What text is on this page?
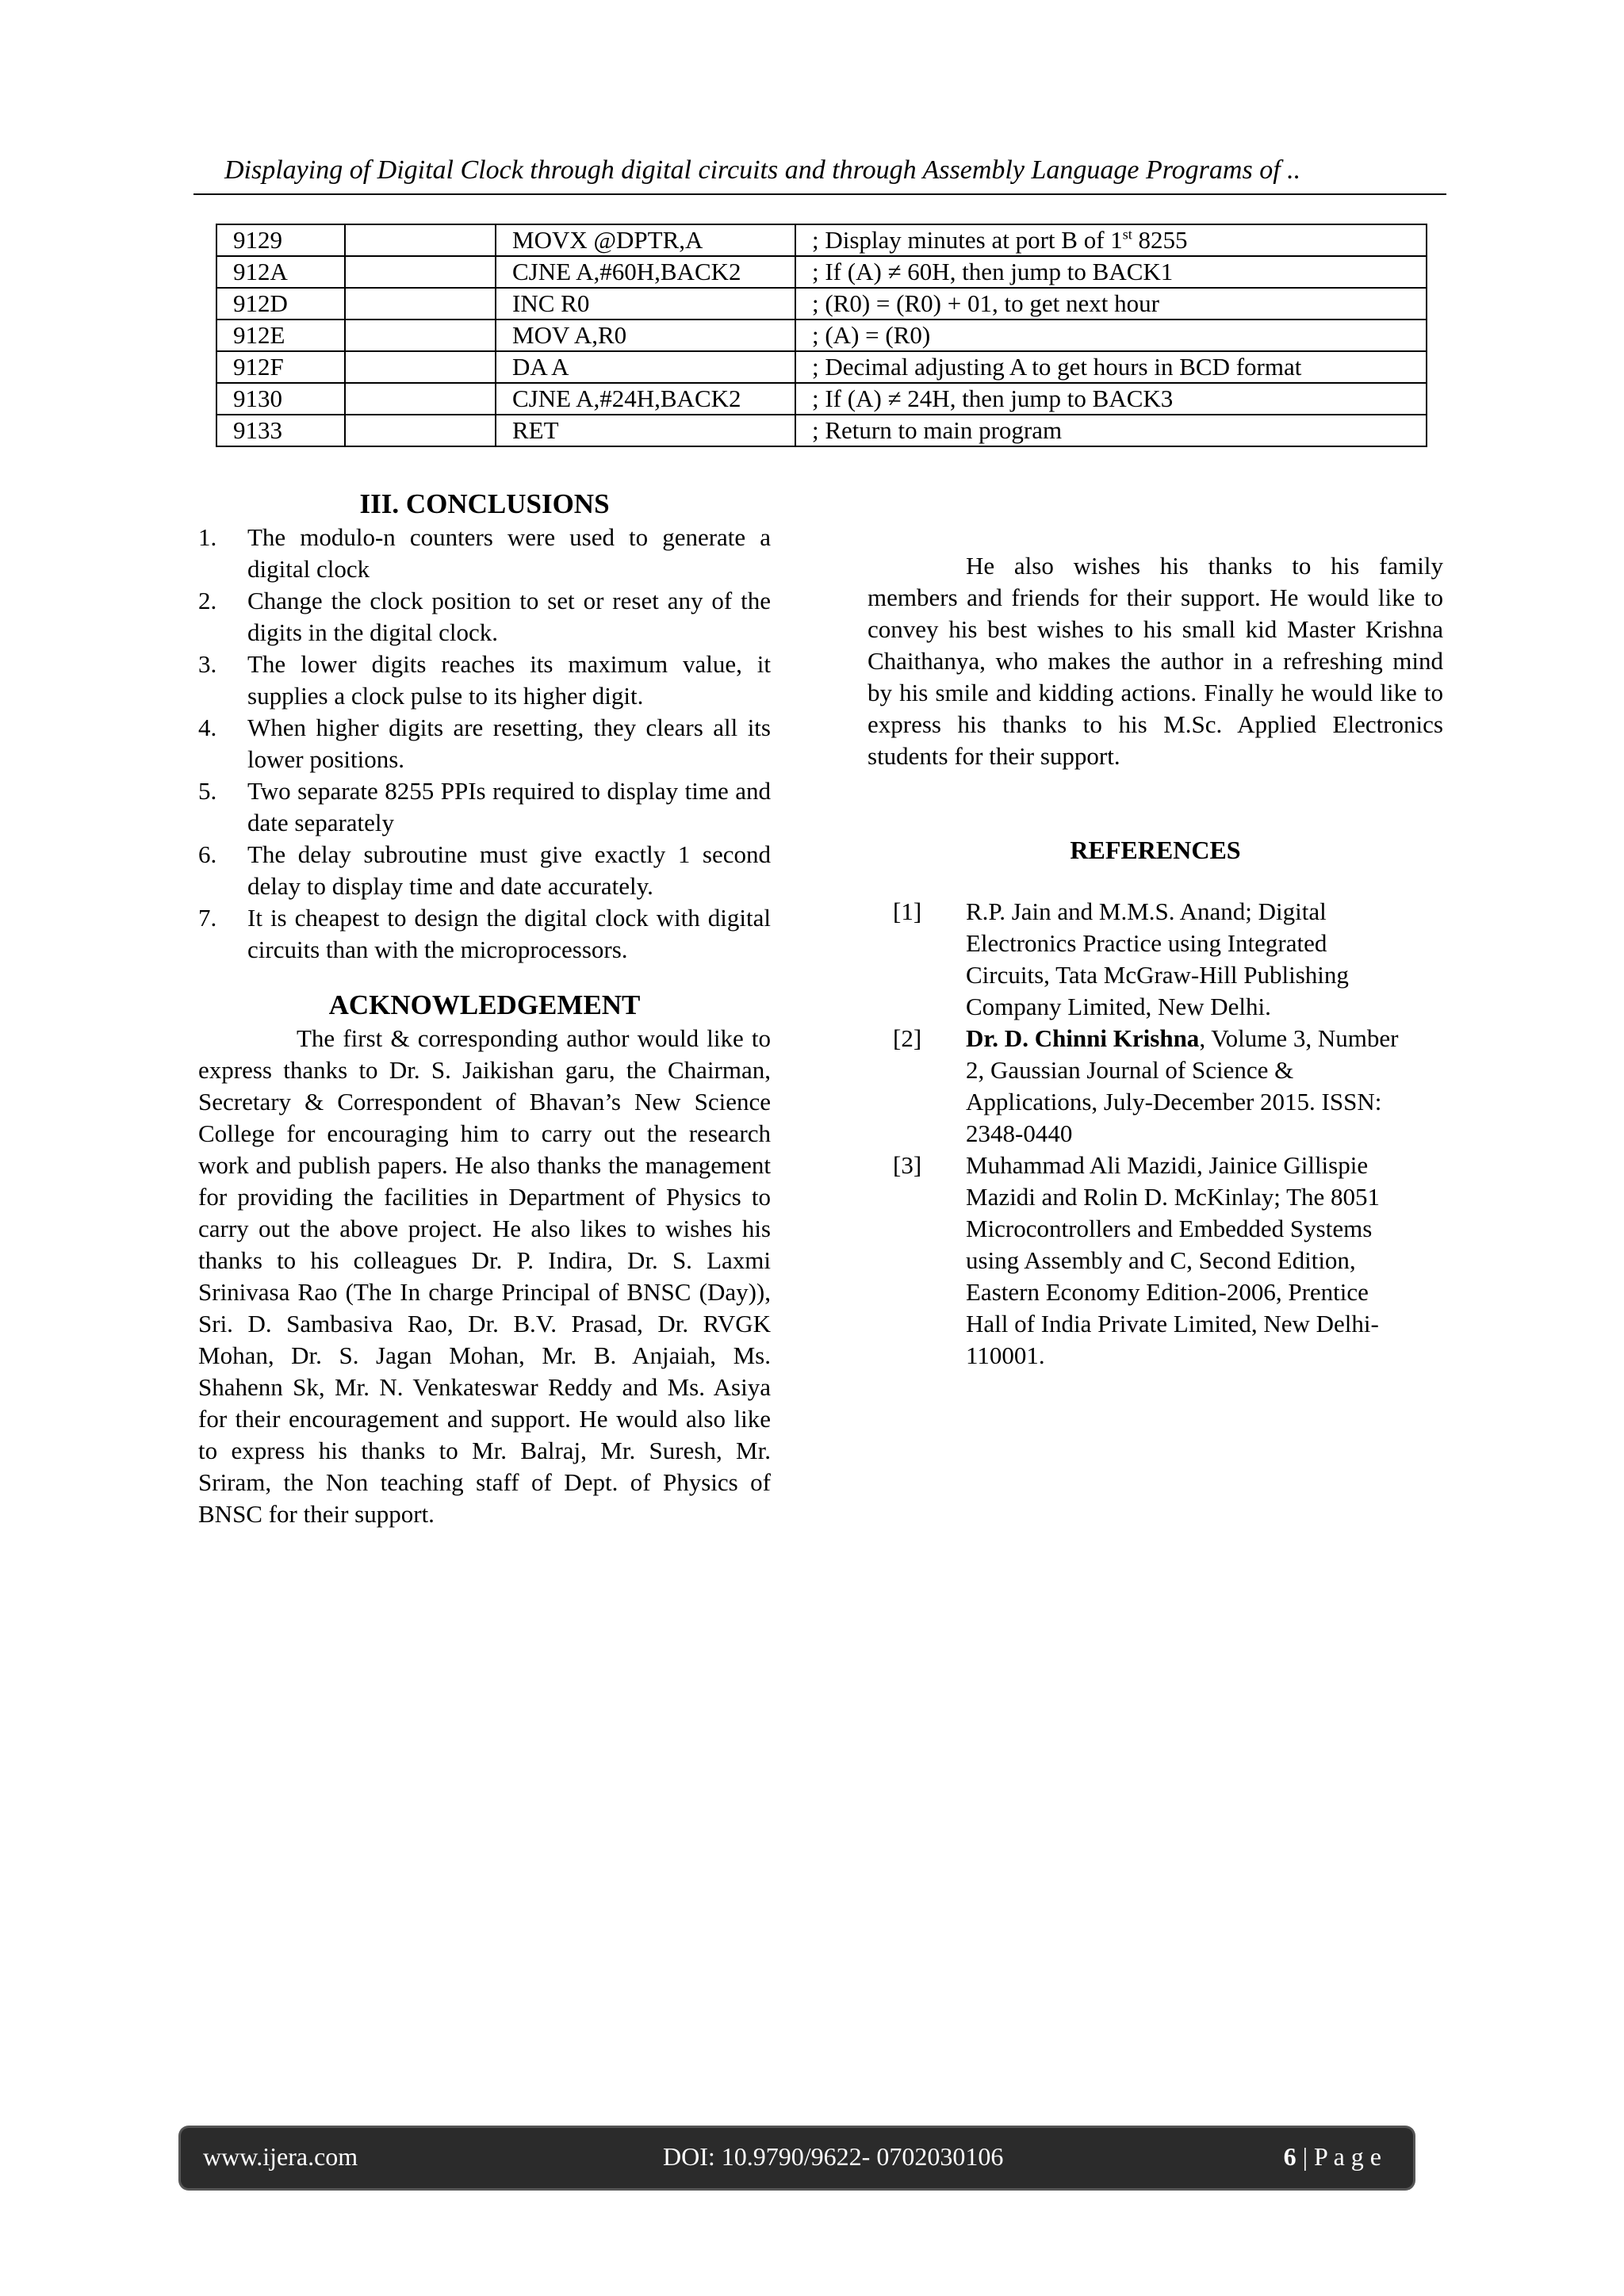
Displaying of Digital Clock through digital circuits and through Assembly Language Programs of ..
9129		MOVX @DPTR,A	; Display minutes at port B of 1st 8255
912A		CJNE A,#60H,BACK2	; If (A) ≠ 60H, then jump to BACK1
912D		INC R0	; (R0) = (R0) + 01, to get next hour
912E		MOV A,R0	; (A) = (R0)
912F		DA A	; Decimal adjusting A to get hours in BCD format
9130		CJNE A,#24H,BACK2	; If (A) ≠ 24H, then jump to BACK3
9133		RET	; Return to main program
III. CONCLUSIONS
1.	The modulo-n counters were used to generate a digital clock
2.	Change the clock position to set or reset any of the digits in the digital clock.
3.	The lower digits reaches its maximum value, it supplies a clock pulse to its higher digit.
4.	When higher digits are resetting, they clears all its lower positions.
5.	Two separate 8255 PPIs required to display time and date separately
6.	The delay subroutine must give exactly 1 second delay to display time and date accurately.
7.	It is cheapest to design the digital clock with digital circuits than with the microprocessors.
ACKNOWLEDGEMENT

The first & corresponding author would like to express thanks to Dr. S. Jaikishan garu, the Chairman, Secretary & Correspondent of Bhavan’s New Science College for encouraging him to carry out the research work and publish papers. He also thanks the management for providing the facilities in Department of Physics to carry out the above project. He also likes to wishes his thanks to his colleagues Dr. P. Indira, Dr. S. Laxmi Srinivasa Rao (The In charge Principal of BNSC (Day)), Sri. D. Sambasiva Rao, Dr. B.V. Prasad, Dr. RVGK Mohan, Dr. S. Jagan Mohan, Mr. B. Anjaiah, Ms. Shahenn Sk, Mr. N. Venkateswar Reddy and Ms. Asiya for their encouragement and support. He would also like to express his thanks to Mr. Balraj, Mr. Suresh, Mr. Sriram, the Non teaching staff of Dept. of Physics of BNSC for their support.

He also wishes his thanks to his family members and friends for their support. He would like to convey his best wishes to his small kid Master Krishna Chaithanya, who makes the author in a refreshing mind by his smile and kidding actions. Finally he would like to express his thanks to his M.Sc. Applied Electronics students for their support.

REFERENCES
[1]	R.P. Jain and M.M.S. Anand; Digital Electronics Practice using Integrated Circuits, Tata McGraw-Hill Publishing Company Limited, New Delhi.
[2]	Dr. D. Chinni Krishna, Volume 3, Number 2, Gaussian Journal of Science & Applications, July-December 2015. ISSN: 2348-0440
[3]	Muhammad Ali Mazidi, Jainice Gillispie Mazidi and Rolin D. McKinlay; The 8051 Microcontrollers and Embedded Systems using Assembly and C, Second Edition, Eastern Economy Edition-2006, Prentice Hall of India Private Limited, New Delhi-110001.
www.ijera.com	DOI: 10.9790/9622- 0702030106	6 | P a g e
